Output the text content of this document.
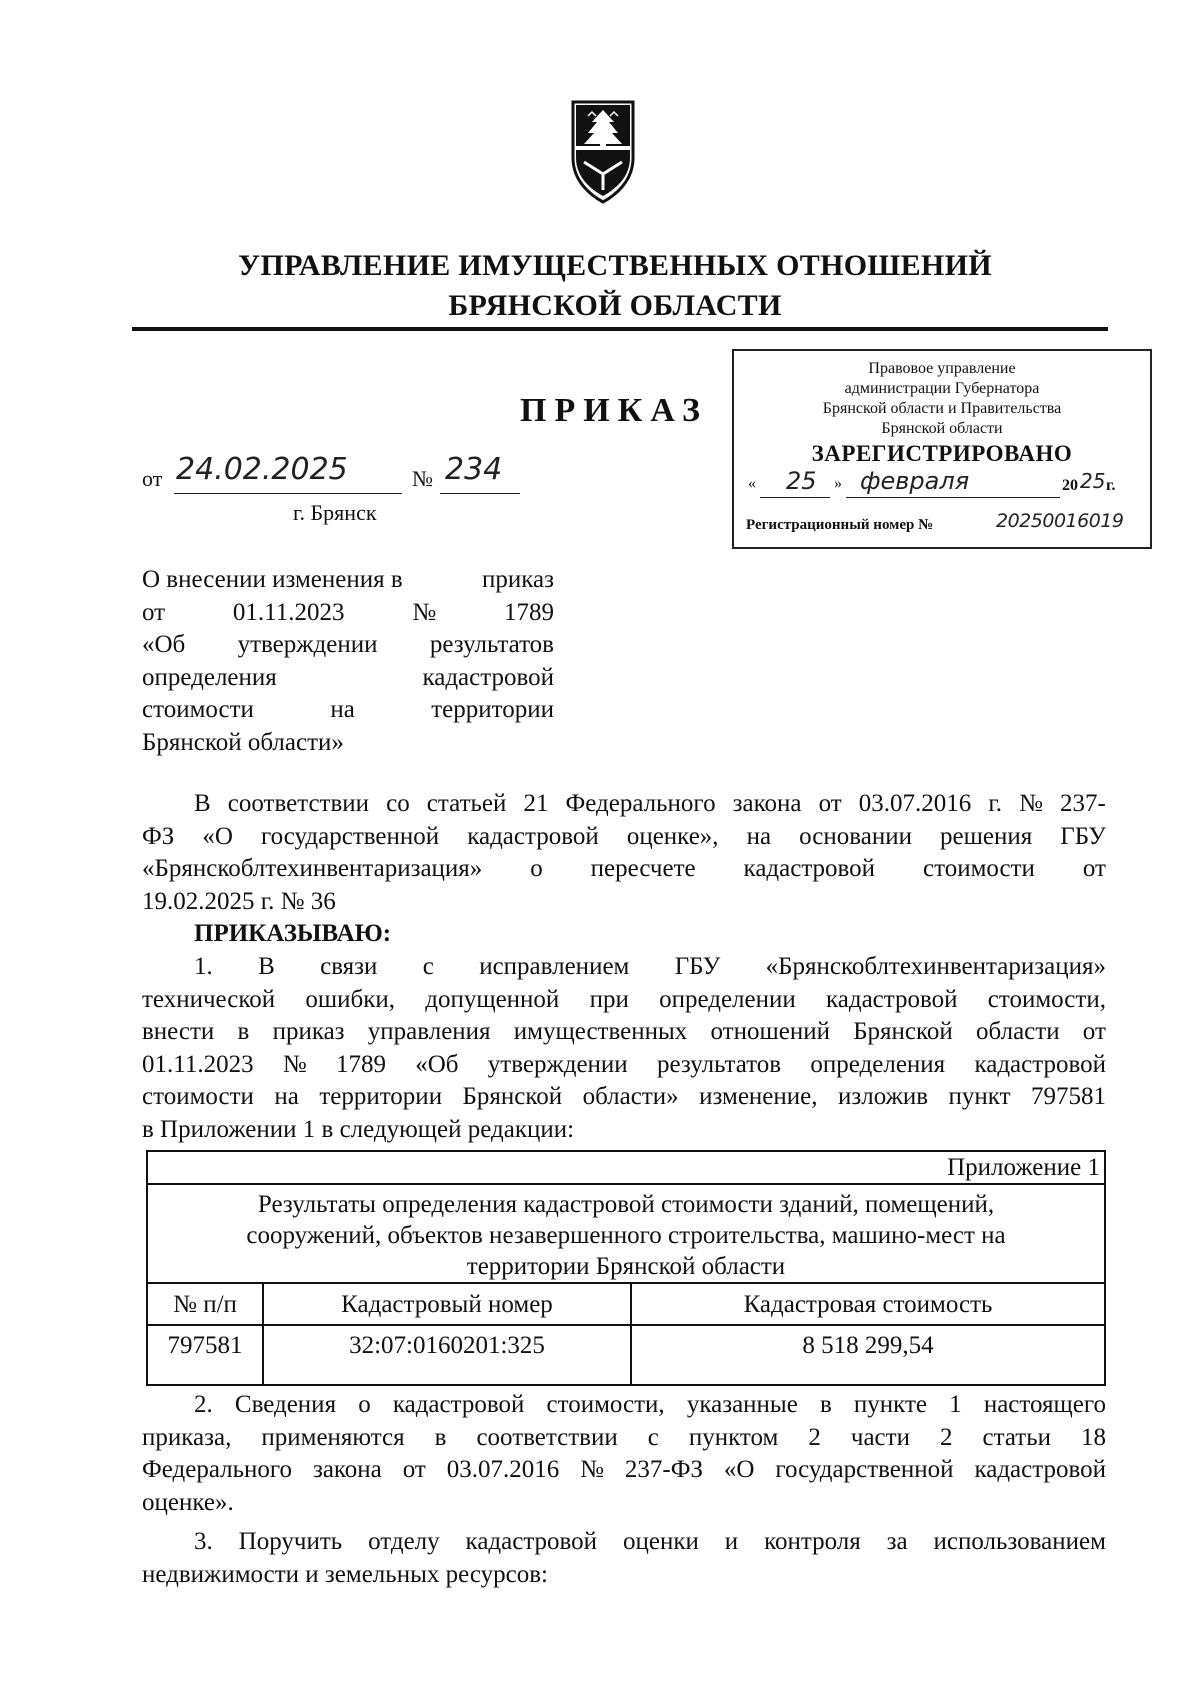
УПРАВЛЕНИЕ ИМУЩЕСТВЕННЫХ ОТНОШЕНИЙ
БРЯНСКОЙ ОБЛАСТИ
ПРИКАЗ
Правовое управление
администрации Губернатора
Брянской области и Правительства
Брянской области
ЗАРЕГИСТРИРОВАНО
« 25 » февраля	20 25 г.
Регистрационный номер №	20250016019
от 24.02.2025	№ 234
г. Брянск
О внесении изменения в	приказ
от	01.11.2023	№	1789
«Об утверждении результатов
определения	кадастровой
стоимости	на	территории
Брянской области»
В соответствии со статьей 21 Федерального закона от 03.07.2016 г. № 237-
ФЗ «О государственной кадастровой оценке», на основании решения ГБУ
«Брянскоблтехинвентаризация» о пересчете кадастровой стоимости от
19.02.2025 г. № 36
ПРИКАЗЫВАЮ:
1. В связи с исправлением ГБУ «Брянскоблтехинвентаризация»
технической ошибки, допущенной при определении кадастровой стоимости,
внести в приказ управления имущественных отношений Брянской области от
01.11.2023 № 1789 «Об утверждении результатов определения кадастровой
стоимости на территории Брянской области» изменение, изложив пункт 797581
в Приложении 1 в следующей редакции:
Приложение 1		
Результаты определения кадастровой стоимости зданий, помещений, сооружений, объектов незавершенного строительства, машино-мест на территории Брянской области		
№ п/п	Кадастровый номер	Кадастровая стоимость
797581	32:07:0160201:325	8 518 299,54
2. Сведения о кадастровой стоимости, указанные в пункте 1 настоящего
приказа, применяются в соответствии с пунктом 2 части 2 статьи 18
Федерального закона от 03.07.2016 № 237-ФЗ «О государственной кадастровой
оценке».
3. Поручить отделу кадастровой оценки и контроля за использованием
недвижимости и земельных ресурсов:
